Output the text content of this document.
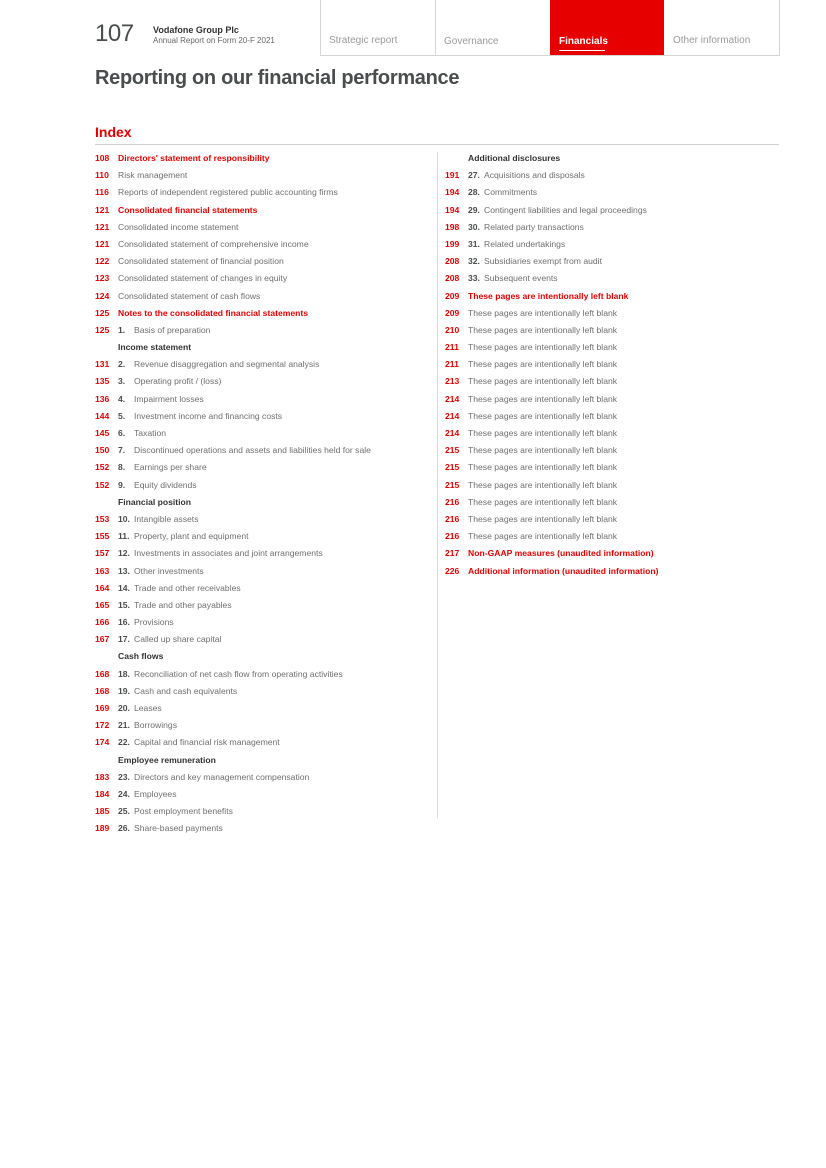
107 Vodafone Group Plc
Annual Report on Form 20-F 2021	Strategic report	Governance	Financials	Other information
Reporting on our financial performance
Index
108	Directors' statement of responsibility
110	Risk management
116	Reports of independent registered public accounting firms
121	Consolidated financial statements
121	Consolidated income statement
121	Consolidated statement of comprehensive income
122	Consolidated statement of financial position
123	Consolidated statement of changes in equity
124	Consolidated statement of cash flows
125	Notes to the consolidated financial statements
125	1.	Basis of preparation
Income statement
131	2.	Revenue disaggregation and segmental analysis
135	3.	Operating profit / (loss)
136	4.	Impairment losses
144	5.	Investment income and financing costs
145	6.	Taxation
150	7.	Discontinued operations and assets and liabilities held for sale
152	8.	Earnings per share
152	9.	Equity dividends
Financial position
153	10. Intangible assets
155	11. Property, plant and equipment
157	12. Investments in associates and joint arrangements
163	13. Other investments
164	14. Trade and other receivables
165	15. Trade and other payables
166	16. Provisions
167	17. Called up share capital
Cash flows
168	18. Reconciliation of net cash flow from operating activities
168	19. Cash and cash equivalents
169	20. Leases
172	21. Borrowings
174	22. Capital and financial risk management
Employee remuneration
183	23. Directors and key management compensation
184	24. Employees
185	25. Post employment benefits
189	26. Share-based payments
Additional disclosures
191	27. Acquisitions and disposals
194	28. Commitments
194	29. Contingent liabilities and legal proceedings
198	30. Related party transactions
199	31. Related undertakings
208	32. Subsidiaries exempt from audit
208	33. Subsequent events
209	These pages are intentionally left blank
209	These pages are intentionally left blank
210	These pages are intentionally left blank
211	These pages are intentionally left blank
211	These pages are intentionally left blank
213	These pages are intentionally left blank
214	These pages are intentionally left blank
214	These pages are intentionally left blank
214	These pages are intentionally left blank
215	These pages are intentionally left blank
215	These pages are intentionally left blank
215	These pages are intentionally left blank
216	These pages are intentionally left blank
216	These pages are intentionally left blank
216	These pages are intentionally left blank
217	Non-GAAP measures (unaudited information)
226	Additional information (unaudited information)
